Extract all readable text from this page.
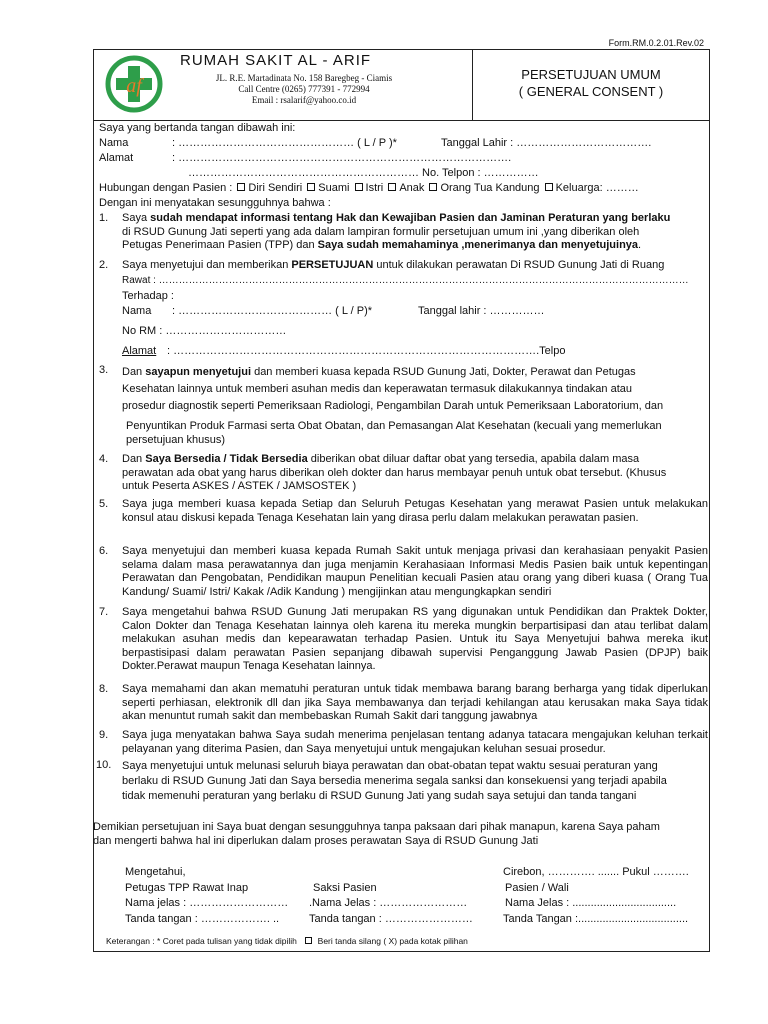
Form.RM.0.2.01.Rev.02
af
RUMAH SAKIT AL - ARIF
JL. R.E. Martadinata No. 158 Baregbeg - Ciamis
Call Centre (0265) 777391 - 772994
Email : rsalarif@yahoo.co.id
PERSETUJUAN UMUM
( GENERAL CONSENT )
Saya yang bertanda tangan dibawah ini:
Nama	: ………………………………………… ( L / P )*	Tanggal Lahir : ……………………………….
Alamat	: ……………………………………………………………………………….
……………………………………………………… No. Telpon : ……………
Hubungan dengan Pasien : Diri Sendiri Suami Istri Anak Orang Tua Kandung Keluarga: ………
Dengan ini menyatakan sesungguhnya bahwa :
1. Saya sudah mendapat informasi tentang Hak dan Kewajiban Pasien dan Jaminan Peraturan yang berlaku
di RSUD Gunung Jati seperti yang ada dalam lampiran formulir persetujuan umum ini ,yang diberikan oleh
Petugas Penerimaan Pasien (TPP) dan Saya sudah memahaminya ,menerimanya dan menyetujuinya.
2. Saya menyetujui dan memberikan PERSETUJUAN untuk dilakukan perawatan Di RSUD Gunung Jati di Ruang
Rawat : ……………………………………………………………………………………………………………………………………………
Terhadap :
Nama : …………………………………… ( L / P)*	Tanggal lahir : ……………
No RM : ……………………………
Alamat : ……………………………………………………………………………………….Telpo
3. Dan sayapun menyetujui dan memberi kuasa kepada RSUD Gunung Jati, Dokter, Perawat dan Petugas
Kesehatan lainnya untuk memberi asuhan medis dan keperawatan termasuk dilakukannya tindakan atau
prosedur diagnostik seperti Pemeriksaan Radiologi, Pengambilan Darah untuk Pemeriksaan Laboratorium, dan
Penyuntikan Produk Farmasi serta Obat Obatan, dan Pemasangan Alat Kesehatan (kecuali yang memerlukan
persetujuan khusus)
4. Dan Saya Bersedia / Tidak Bersedia diberikan obat diluar daftar obat yang tersedia, apabila dalam masa
perawatan ada obat yang harus diberikan oleh dokter dan harus membayar penuh untuk obat tersebut. (Khusus
untuk Peserta ASKES / ASTEK / JAMSOSTEK )
5. Saya juga memberi kuasa kepada Setiap dan Seluruh Petugas Kesehatan yang merawat Pasien untuk melakukan konsul atau diskusi kepada Tenaga Kesehatan lain yang dirasa perlu dalam melakukan perawatan pasien.
6. Saya menyetujui dan memberi kuasa kepada Rumah Sakit untuk menjaga privasi dan kerahasiaan penyakit Pasien selama dalam masa perawatannya dan juga menjamin Kerahasiaan Informasi Medis Pasien baik untuk kepentingan Perawatan dan Pengobatan, Pendidikan maupun Penelitian kecuali Pasien atau orang yang diberi kuasa ( Orang Tua Kandung/ Suami/ Istri/ Kakak /Adik Kandung ) mengijinkan atau mengungkapkan sendiri
7. Saya mengetahui bahwa RSUD Gunung Jati merupakan RS yang digunakan untuk Pendidikan dan Praktek Dokter, Calon Dokter dan Tenaga Kesehatan lainnya oleh karena itu mereka mungkin berpartisipasi dan atau terlibat dalam melakukan asuhan medis dan kepearawatan terhadap Pasien. Untuk itu Saya Menyetujui bahwa mereka ikut berpastisipasi dalam perawatan Pasien sepanjang dibawah supervisi Penganggung Jawab Pasien (DPJP) baik Dokter.Perawat maupun Tenaga Kesehatan lainnya.
8. Saya memahami dan akan mematuhi peraturan untuk tidak membawa barang barang berharga yang tidak diperlukan seperti perhiasan, elektronik dll dan jika Saya membawanya dan terjadi kehilangan atau kerusakan maka Saya tidak akan menuntut rumah sakit dan membebaskan Rumah Sakit dari tanggung jawabnya
9. Saya juga menyatakan bahwa Saya sudah menerima penjelasan tentang adanya tatacara mengajukan keluhan terkait pelayanan yang diterima Pasien, dan Saya menyetujui untuk mengajukan keluhan sesuai prosedur.
10. Saya menyetujui untuk melunasi seluruh biaya perawatan dan obat-obatan tepat waktu sesuai peraturan yang
berlaku di RSUD Gunung Jati dan Saya bersedia menerima segala sanksi dan konsekuensi yang terjadi apabila
tidak memenuhi peraturan yang berlaku di RSUD Gunung Jati yang sudah saya setujui dan tanda tangani
Demikian persetujuan ini Saya buat dengan sesungguhnya tanpa paksaan dari pihak manapun, karena Saya paham
dan mengerti bahwa hal ini diperlukan dalam proses perawatan Saya di RSUD Gunung Jati
Mengetahui,	Cirebon, …………. ....... Pukul ……….
Petugas TPP Rawat Inap	Saksi Pasien	Pasien / Wali
Nama jelas : ……………………… .Nama Jelas : ……………………	Nama Jelas : ..................................
Tanda tangan : ………………. ..	Tanda tangan : ……………………	Tanda Tangan :....................................
Keterangan : * Coret pada tulisan yang tidak dipilih Beri tanda silang ( X) pada kotak pilihan
